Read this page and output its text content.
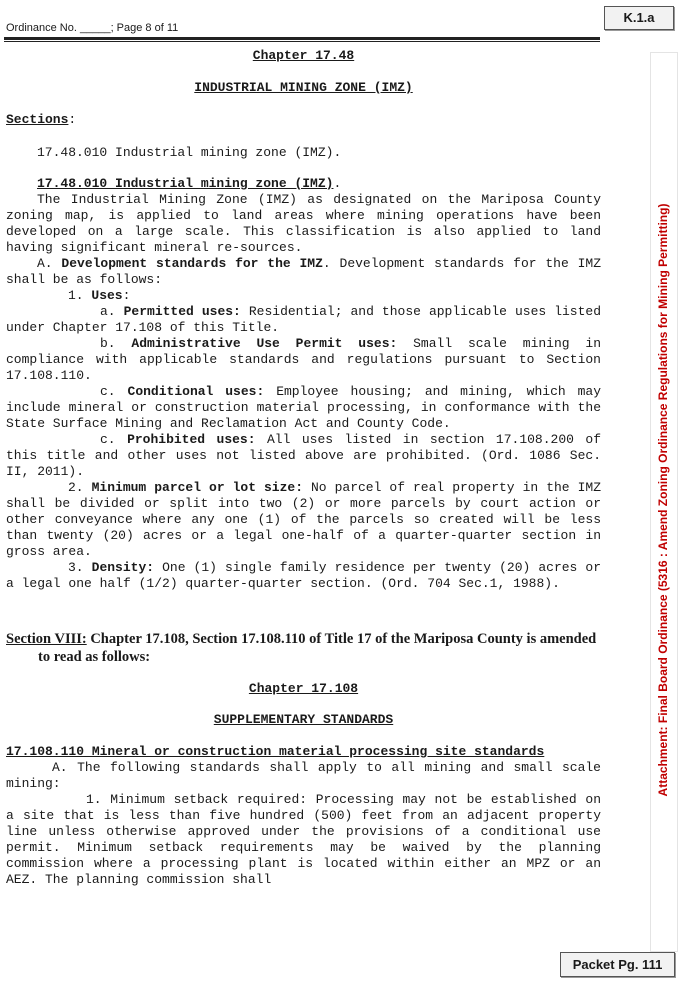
Ordinance No. _____; Page 8 of 11
K.1.a
Attachment: Final Board Ordinance (5316 : Amend Zoning Ordinance Regulations for Mining Permitting)
Packet Pg. 111

Chapter 17.48

INDUSTRIAL MINING ZONE (IMZ)

Sections:

17.48.010 Industrial mining zone (IMZ).

17.48.010 Industrial mining zone (IMZ).

The Industrial Mining Zone (IMZ) as designated on the Mariposa County zoning map, is applied to land areas where mining operations have been developed on a large scale. This classification is also applied to land having significant mineral re-sources.

A. Development standards for the IMZ. Development standards for the IMZ shall be as follows:

1. Uses:

a. Permitted uses: Residential; and those applicable uses listed under Chapter 17.108 of this Title.

b. Administrative Use Permit uses: Small scale mining in compliance with applicable standards and regulations pursuant to Section 17.108.110.

c. Conditional uses: Employee housing; and mining, which may include mineral or construction material processing, in conformance with the State Surface Mining and Reclamation Act and County Code.

c. Prohibited uses: All uses listed in section 17.108.200 of this title and other uses not listed above are prohibited. (Ord. 1086 Sec. II, 2011).

2. Minimum parcel or lot size: No parcel of real property in the IMZ shall be divided or split into two (2) or more parcels by court action or other conveyance where any one (1) of the parcels so created will be less than twenty (20) acres or a legal one-half of a quarter-quarter section in gross area.

3. Density: One (1) single family residence per twenty (20) acres or a legal one half (1/2) quarter-quarter section. (Ord. 704 Sec.1, 1988).

Section VIII: Chapter 17.108, Section 17.108.110 of Title 17 of the Mariposa County is amended to read as follows:

Chapter 17.108

SUPPLEMENTARY STANDARDS

17.108.110 Mineral or construction material processing site standards

A. The following standards shall apply to all mining and small scale mining:

1. Minimum setback required: Processing may not be established on a site that is less than five hundred (500) feet from an adjacent property line unless otherwise approved under the provisions of a conditional use permit. Minimum setback requirements may be waived by the planning commission where a processing plant is located within either an MPZ or an AEZ. The planning commission shall
